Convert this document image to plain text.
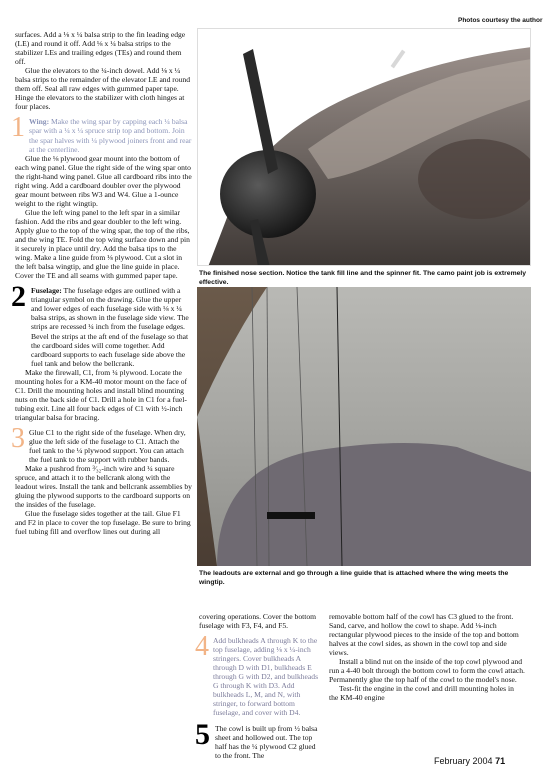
Photos courtesy the author

surfaces. Add a ⅛ x ¼ balsa strip to the fin leading edge (LE) and round it off. Add ⅛ x ¼ balsa strips to the stabilizer LEs and trailing edges (TEs) and round them off.

Glue the elevators to the ¼-inch dowel. Add ⅛ x ¼ balsa strips to the remainder of the elevator LE and round them off. Seal all raw edges with gummed paper tape. Hinge the elevators to the stabilizer with cloth hinges at four places.

1 Wing: Make the wing spar by capping each ¼ balsa spar with a ¼ x ¼ spruce strip top and bottom. Join the spar halves with ¼ plywood joiners front and rear at the centerline.

Glue the ⅛ plywood gear mount into the bottom of each wing panel. Glue the right side of the wing spar onto the right-hand wing panel. Glue all cardboard ribs into the right wing. Add a cardboard doubler over the plywood gear mount between ribs W3 and W4. Glue a 1-ounce weight to the right wingtip.

Glue the left wing panel to the left spar in a similar fashion. Add the ribs and gear doubler to the left wing. Apply glue to the top of the wing spar, the top of the ribs, and the wing TE. Fold the top wing surface down and pin it securely in place until dry. Add the balsa tips to the wing. Make a line guide from ⅛ plywood. Cut a slot in the left balsa wingtip, and glue the line guide in place. Cover the TE and all seams with gummed paper tape.

2 Fuselage: The fuselage edges are outlined with a triangular symbol on the drawing. Glue the upper and lower edges of each fuselage side with ⅛ x ¼ balsa strips, as shown in the fuselage side view. The strips are recessed ¼ inch from the fuselage edges. Bevel the strips at the aft end of the fuselage so that the cardboard sides will come together. Add cardboard supports to each fuselage side above the fuel tank and below the bellcrank.

Make the firewall, C1, from ¼ plywood. Locate the mounting holes for a KM-40 motor mount on the face of C1. Drill the mounting holes and install blind mounting nuts on the back side of C1. Drill a hole in C1 for a fuel-tubing exit. Line all four back edges of C1 with ½-inch triangular balsa for bracing.

3 Glue C1 to the right side of the fuselage. When dry, glue the left side of the fuselage to C1. Attach the fuel tank to the ¼ plywood support. You can attach the fuel tank to the support with rubber bands.

Make a pushrod from ³⁄₃₂-inch wire and ¼ square spruce, and attach it to the bellcrank along with the leadout wires. Install the tank and bellcrank assemblies by gluing the plywood supports to the cardboard supports on the insides of the fuselage.

Glue the fuselage sides together at the tail. Glue F1 and F2 in place to cover the top fuselage. Be sure to bring fuel tubing fill and overflow lines out during all

The finished nose section. Notice the tank fill line and the spinner fit. The camo paint job is extremely effective.
The leadouts are external and go through a line guide that is attached where the wing meets the wingtip.

covering operations. Cover the bottom fuselage with F3, F4, and F5.

4 Add bulkheads A through K to the top fuselage, adding ⅛ x ¼-inch stringers. Cover bulkheads A through D with D1, bulkheads E through G with D2, and bulkheads G through K with D3. Add bulkheads L, M, and N, with stringer, to forward bottom fuselage, and cover with D4.

5 The cowl is built up from ½ balsa sheet and hollowed out. The top half has the ¼ plywood C2 glued to the front. The

removable bottom half of the cowl has C3 glued to the front. Sand, carve, and hollow the cowl to shape. Add ⅛-inch rectangular plywood pieces to the inside of the top and bottom halves at the cowl sides, as shown in the cowl top and side views.

Install a blind nut on the inside of the top cowl plywood and run a 4-40 bolt through the bottom cowl to form the cowl attach. Permanently glue the top half of the cowl to the model's nose.

Test-fit the engine in the cowl and drill mounting holes in the KM-40 engine

February 2004 71
